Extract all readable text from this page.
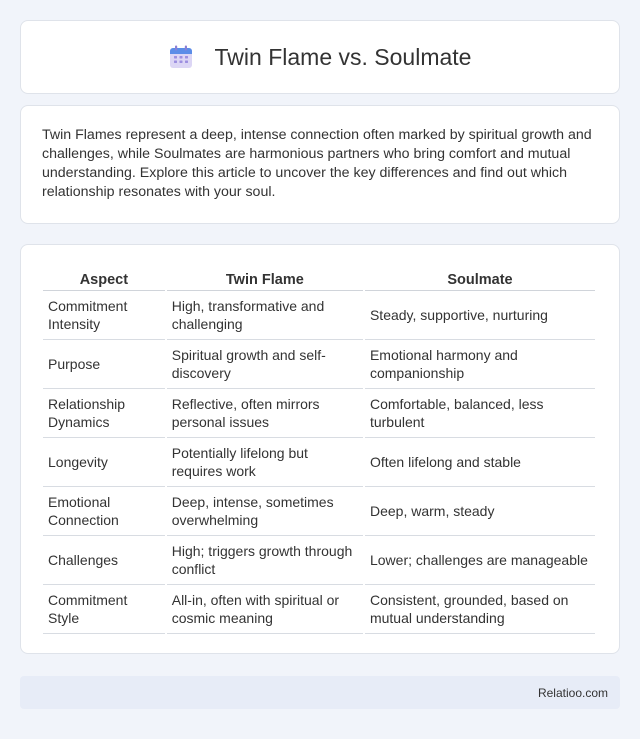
Twin Flame vs. Soulmate

Twin Flames represent a deep, intense connection often marked by spiritual growth and challenges, while Soulmates are harmonious partners who bring comfort and mutual understanding. Explore this article to uncover the key differences and find out which relationship resonates with your soul.

Aspect	Twin Flame	Soulmate
Commitment Intensity	High, transformative and challenging	Steady, supportive, nurturing
Purpose	Spiritual growth and self-discovery	Emotional harmony and companionship
Relationship Dynamics	Reflective, often mirrors personal issues	Comfortable, balanced, less turbulent
Longevity	Potentially lifelong but requires work	Often lifelong and stable
Emotional Connection	Deep, intense, sometimes overwhelming	Deep, warm, steady
Challenges	High; triggers growth through conflict	Lower; challenges are manageable
Commitment Style	All-in, often with spiritual or cosmic meaning	Consistent, grounded, based on mutual understanding
Relatioo.com
